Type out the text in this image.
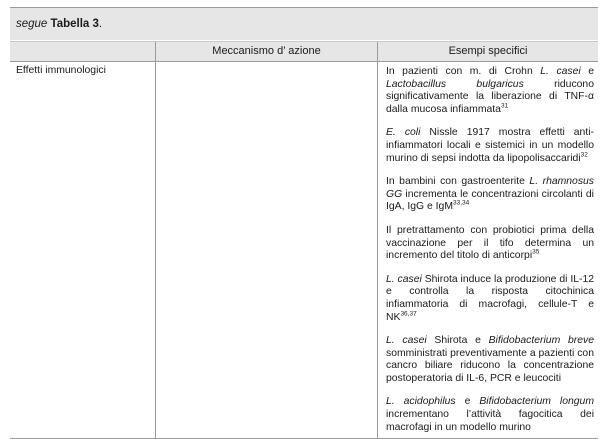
segue Tabella 3.
Meccanismo d’ azione	Esempi specifici
Effetti immunologici	In pazienti con m. di Crohn L. casei e Lactobacillus bulgaricus riducono significativamente la liberazione di TNF-α dalla mucosa infiammata$^{31}$

E. coli Nissle 1917 mostra effetti anti-infiammatori locali e sistemici in un modello murino di sepsi indotta da lipopolisaccaridi$^{32}$

In bambini con gastroenterite L. rhamnosus GG incrementa le concentrazioni circolanti di IgA, IgG e IgM$^{33,34}$

Il pretrattamento con probiotici prima della vaccinazione per il tifo determina un incremento del titolo di anticorpi$^{35}$

L. casei Shirota induce la produzione di IL-12 e controlla la risposta citochinica infiammatoria di macrofagi, cellule-T e NK$^{36,37}$

L. casei Shirota e Bifidobacterium breve somministrati preventivamente a pazienti con cancro biliare riducono la concentrazione postoperatoria di IL-6, PCR e leucociti

L. acidophilus e Bifidobacterium longum incrementano l’attività fagocitica dei macrofagi in un modello murino
